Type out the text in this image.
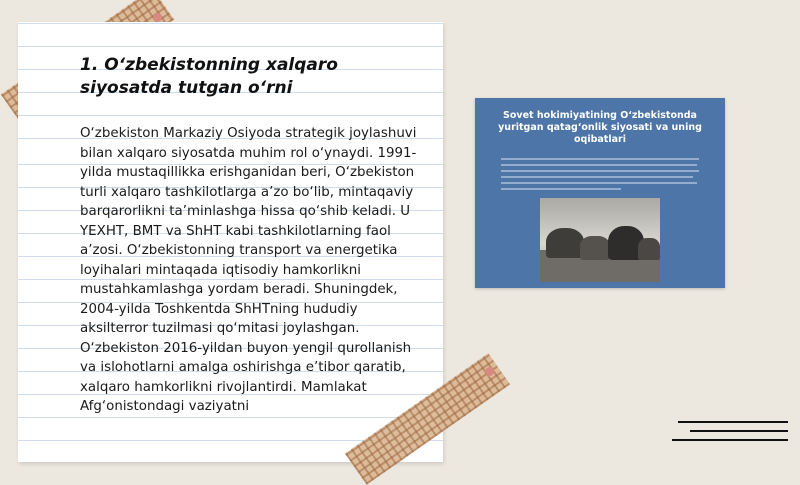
1. O‘zbekistonning xalqaro siyosatda tutgan o‘rni

O‘zbekiston Markaziy Osiyoda strategik joylashuvi bilan xalqaro siyosatda muhim rol o‘ynaydi. 1991-yilda mustaqillikka erishganidan beri, O‘zbekiston turli xalqaro tashkilotlarga a’zo bo‘lib, mintaqaviy barqarorlikni ta’minlashga hissa qo‘shib keladi. U YEXHT, BMT va ShHT kabi tashkilotlarning faol a’zosi. O‘zbekistonning transport va energetika loyihalari mintaqada iqtisodiy hamkorlikni mustahkamlashga yordam beradi. Shuningdek, 2004-yilda Toshkentda ShHTning hududiy aksilterror tuzilmasi qo‘mitasi joylashgan. O‘zbekiston 2016-yildan buyon yengil qurollanish va islohotlarni amalga oshirishga e’tibor qaratib, xalqaro hamkorlikni rivojlantirdi. Mamlakat Afg‘onistondagi vaziyatni

Sovet hokimiyatining O‘zbekistonda yuritgan qatag‘onlik siyosati va uning oqibatlari
